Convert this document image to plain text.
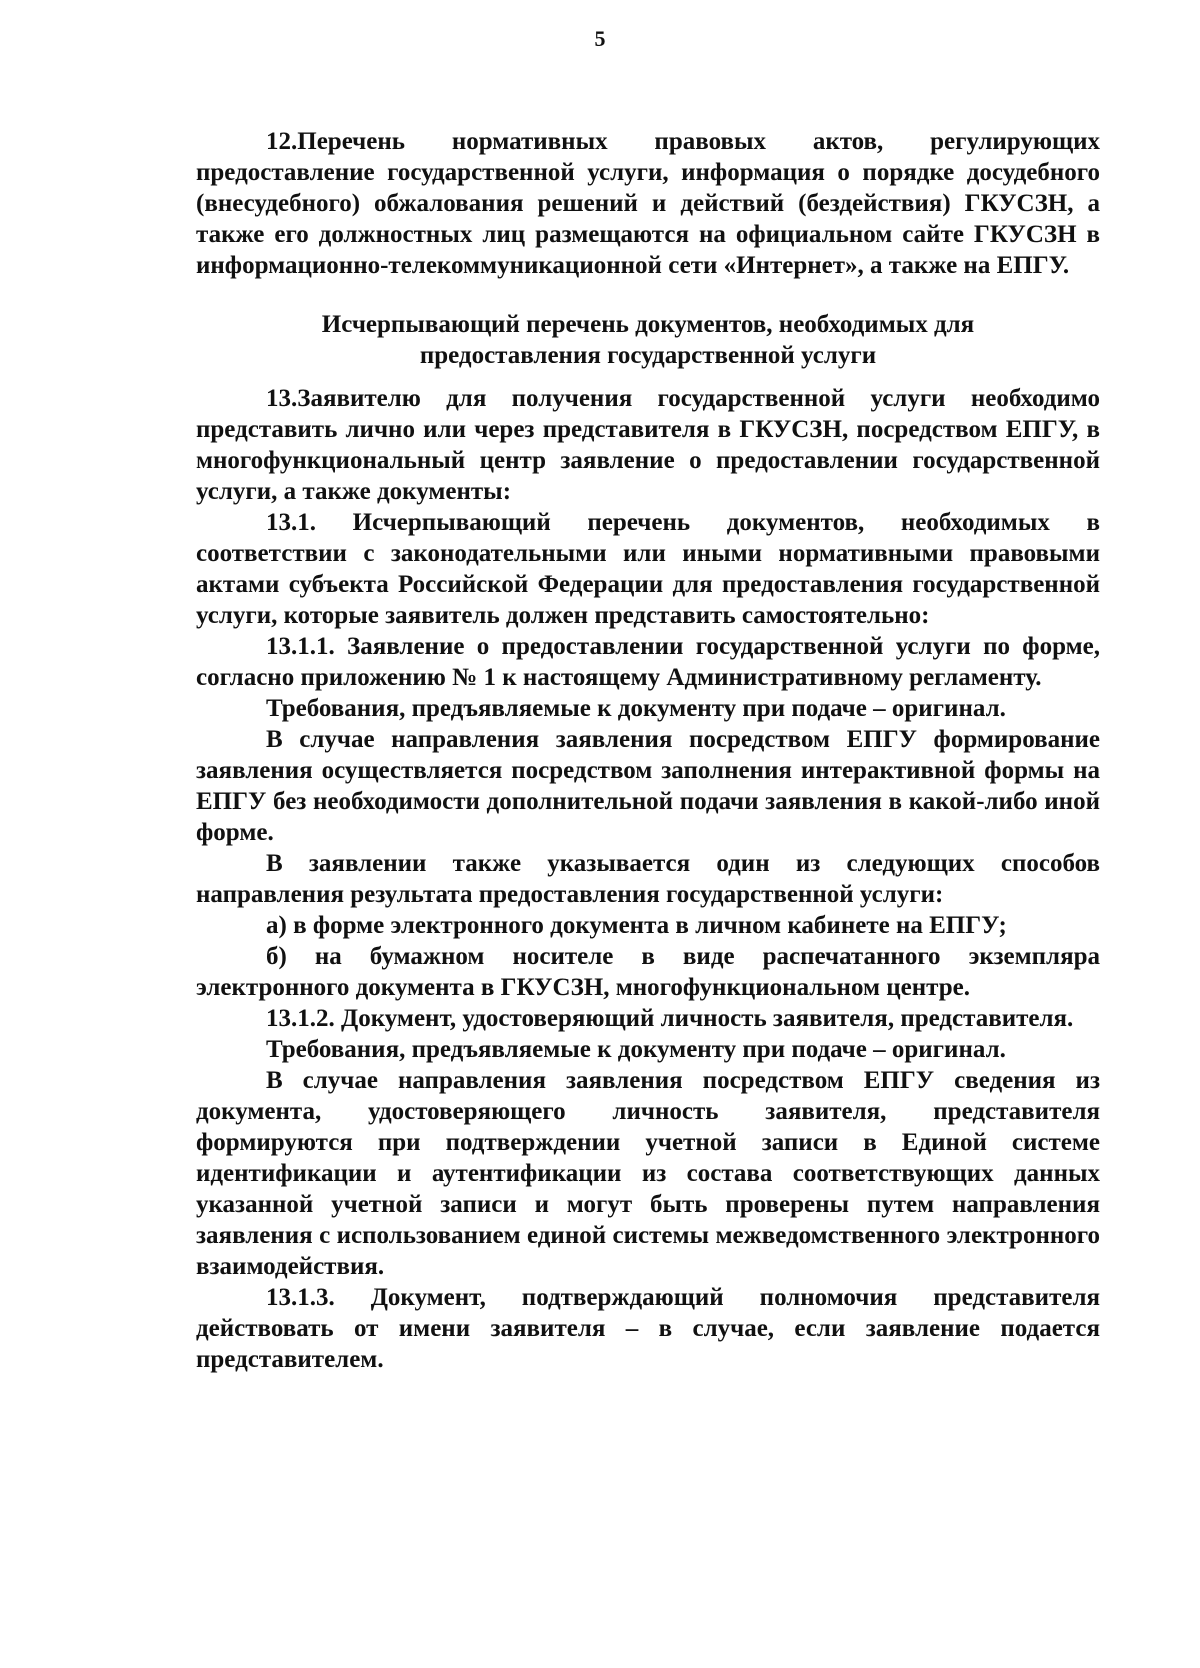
5

12.Перечень нормативных правовых актов, регулирующих предоставление государственной услуги, информация о порядке досудебного (внесудебного) обжалования решений и действий (бездействия) ГКУСЗН, а также его должностных лиц размещаются на официальном сайте ГКУСЗН в информационно-телекоммуникационной сети «Интернет», а также на ЕПГУ.

Исчерпывающий перечень документов, необходимых для предоставления государственной услуги

13.Заявителю для получения государственной услуги необходимо представить лично или через представителя в ГКУСЗН, посредством ЕПГУ, в многофункциональный центр заявление о предоставлении государственной услуги, а также документы:

13.1. Исчерпывающий перечень документов, необходимых в соответствии с законодательными или иными нормативными правовыми актами субъекта Российской Федерации для предоставления государственной услуги, которые заявитель должен представить самостоятельно:

13.1.1. Заявление о предоставлении государственной услуги по форме, согласно приложению № 1 к настоящему Административному регламенту.

Требования, предъявляемые к документу при подаче – оригинал.

В случае направления заявления посредством ЕПГУ формирование заявления осуществляется посредством заполнения интерактивной формы на ЕПГУ без необходимости дополнительной подачи заявления в какой-либо иной форме.

В заявлении также указывается один из следующих способов направления результата предоставления государственной услуги:

а) в форме электронного документа в личном кабинете на ЕПГУ;

б) на бумажном носителе в виде распечатанного экземпляра электронного документа в ГКУСЗН, многофункциональном центре.

13.1.2. Документ, удостоверяющий личность заявителя, представителя.

Требования, предъявляемые к документу при подаче – оригинал.

В случае направления заявления посредством ЕПГУ сведения из документа, удостоверяющего личность заявителя, представителя формируются при подтверждении учетной записи в Единой системе идентификации и аутентификации из состава соответствующих данных указанной учетной записи и могут быть проверены путем направления заявления с использованием единой системы межведомственного электронного взаимодействия.

13.1.3. Документ, подтверждающий полномочия представителя действовать от имени заявителя – в случае, если заявление подается представителем.
